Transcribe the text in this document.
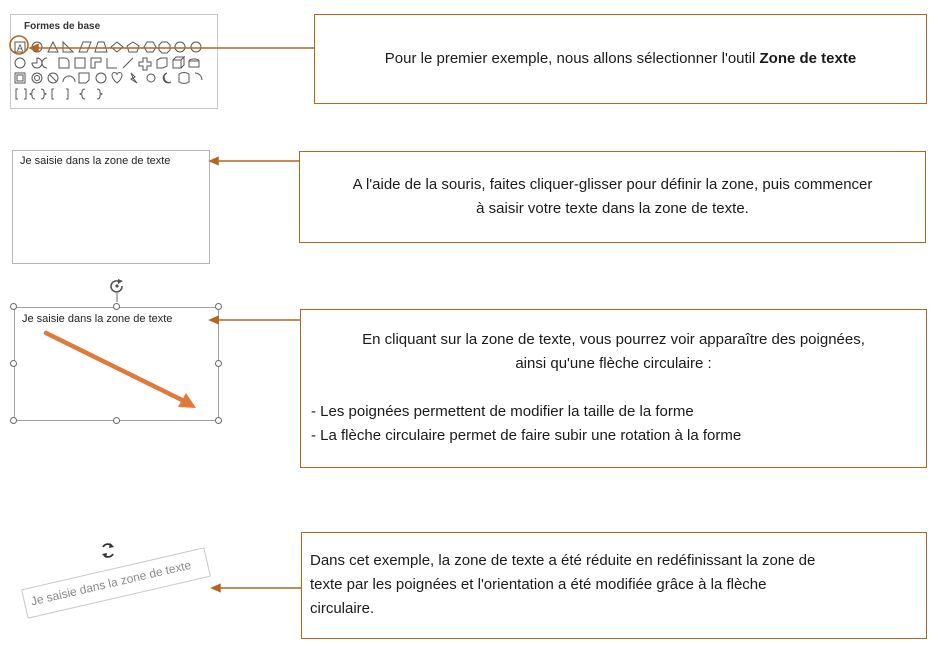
Formes de base
A
Je saisie dans la zone de texte
Je saisie dans la zone de texte
Je saisie dans la zone de texte
Pour le premier exemple, nous allons sélectionner l'outil Zone de texte
A l'aide de la souris, faites cliquer-glisser pour définir la zone, puis commencer
à saisir votre texte dans la zone de texte.
En cliquant sur la zone de texte, vous pourrez voir apparaître des poignées,
ainsi qu'une flèche circulaire :
- Les poignées permettent de modifier la taille de la forme
- La flèche circulaire permet de faire subir une rotation à la forme
Dans cet exemple, la zone de texte a été réduite en redéfinissant la zone de
texte par les poignées et l'orientation a été modifiée grâce à la flèche
circulaire.
